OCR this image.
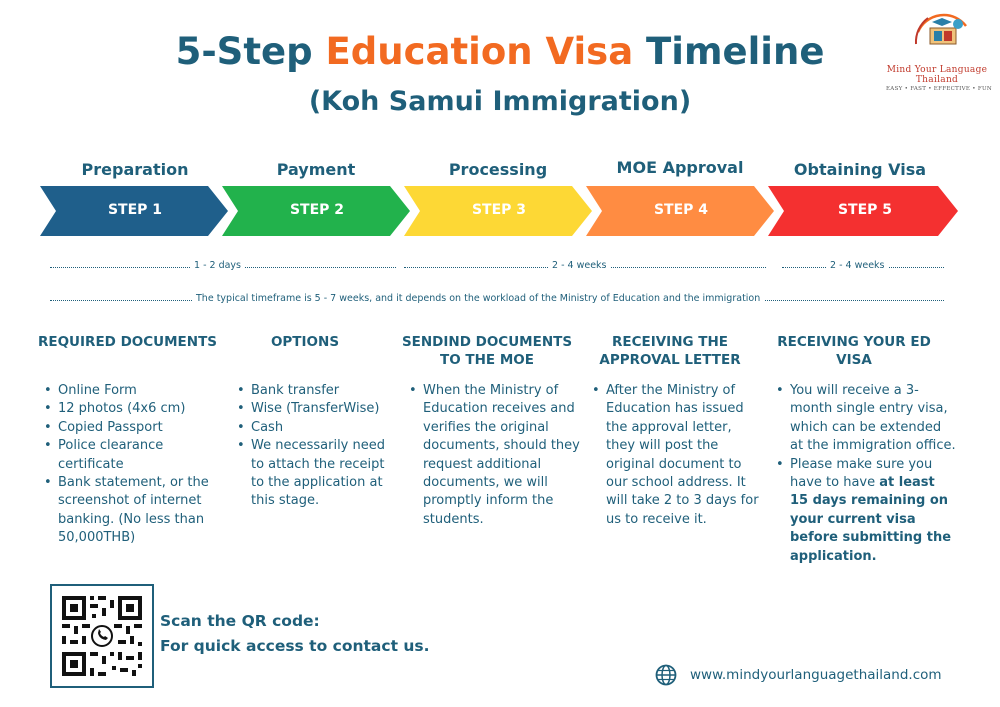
5-Step Education Visa Timeline
(Koh Samui Immigration)
Mind Your Language Thailand
EASY • FAST • EFFECTIVE • FUN
Preparation	Payment	Processing	MOE Approval	Obtaining Visa
STEP 1	STEP 2	STEP 3	STEP 4	STEP 5
1 - 2 days	2 - 4 weeks	2 - 4 weeks
The typical timeframe is 5 - 7 weeks, and it depends on the workload of the Ministry of Education and the immigration
REQUIRED DOCUMENTS
• Online Form
• 12 photos (4x6 cm)
• Copied Passport
• Police clearance certificate
• Bank statement, or the screenshot of internet banking. (No less than 50,000THB)
OPTIONS
• Bank transfer
• Wise (TransferWise)
• Cash
• We necessarily need to attach the receipt to the application at this stage.
SENDIND DOCUMENTS
TO THE MOE
• When the Ministry of Education receives and verifies the original documents, should they request additional documents, we will promptly inform the students.
RECEIVING THE
APPROVAL LETTER
• After the Ministry of Education has issued the approval letter, they will post the original document to our school address. It will take 2 to 3 days for us to receive it.
RECEIVING YOUR ED
VISA
• You will receive a 3-month single entry visa, which can be extended at the immigration office.
• Please make sure you have to have at least 15 days remaining on your current visa before submitting the application.
Scan the QR code:
For quick access to contact us.
www.mindyourlanguagethailand.com
